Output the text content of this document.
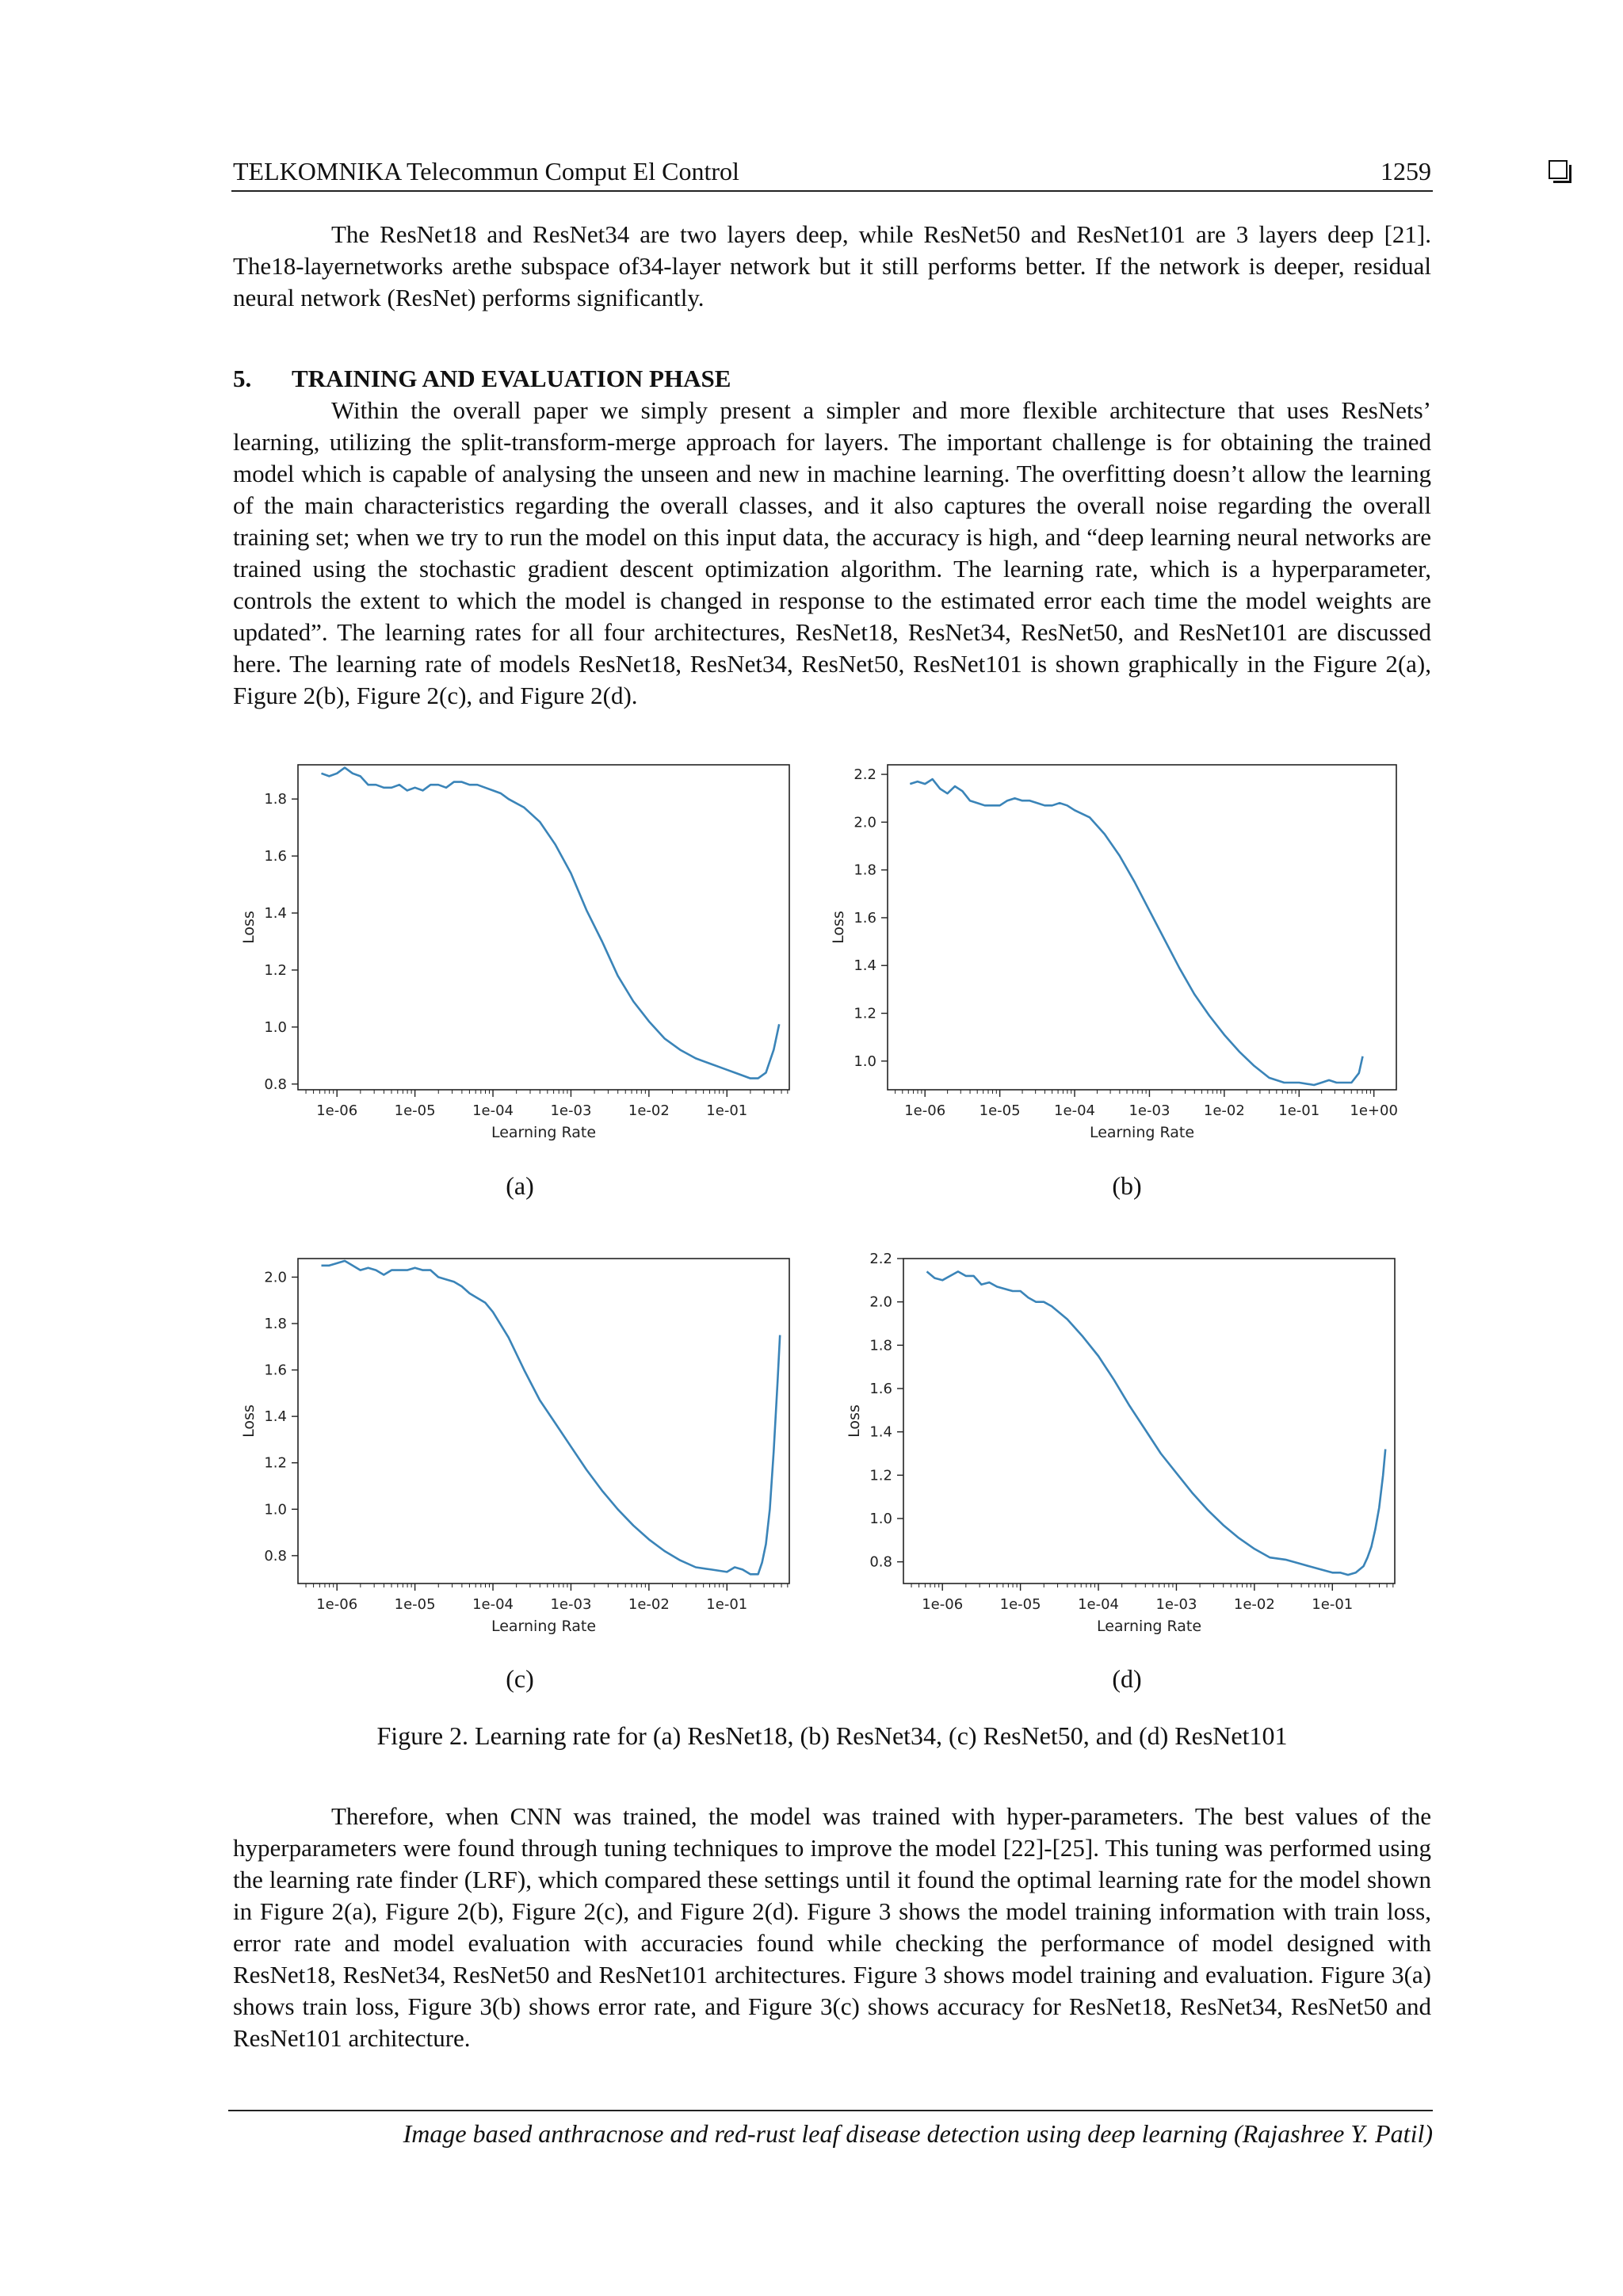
TELKOMNIKA Telecommun Comput El Control	1259

The ResNet18 and ResNet34 are two layers deep, while ResNet50 and ResNet101 are 3 layers deep [21]. The18-layernetworks arethe subspace of34-layer network but it still performs better. If the network is deeper, residual neural network (ResNet) performs significantly.

5. TRAINING AND EVALUATION PHASE

Within the overall paper we simply present a simpler and more flexible architecture that uses ResNets’ learning, utilizing the split-transform-merge approach for layers. The important challenge is for obtaining the trained model which is capable of analysing the unseen and new in machine learning. The overfitting doesn’t allow the learning of the main characteristics regarding the overall classes, and it also captures the overall noise regarding the overall training set; when we try to run the model on this input data, the accuracy is high, and “deep learning neural networks are trained using the stochastic gradient descent optimization algorithm. The learning rate, which is a hyperparameter, controls the extent to which the model is changed in response to the estimated error each time the model weights are updated”. The learning rates for all four architectures, ResNet18, ResNet34, ResNet50, and ResNet101 are discussed here. The learning rate of models ResNet18, ResNet34, ResNet50, ResNet101 is shown graphically in the Figure 2(a), Figure 2(b), Figure 2(c), and Figure 2(d).

1e-06	1e-05	1e-04	1e-03	1e-02	1e-01
0.8
1.0
1.2
1.4
1.6
1.8
Learning Rate
Loss
(a)
1e-06 1e-05 1e-04 1e-03 1e-02 1e-01 1e+00
1.0
1.2
1.4
1.6
1.8
2.0
2.2
Learning Rate
Loss
(b)
1e-06	1e-05	1e-04	1e-03	1e-02	1e-01
0.8
1.0
1.2
1.4
1.6
1.8
2.0
Learning Rate
Loss
(c)
1e-06	1e-05	1e-04	1e-03	1e-02	1e-01
0.8
1.0
1.2
1.4
1.6
1.8
2.0
2.2
Learning Rate
Loss
(d)
Figure 2. Learning rate for (a) ResNet18, (b) ResNet34, (c) ResNet50, and (d) ResNet101

Therefore, when CNN was trained, the model was trained with hyper-parameters. The best values of the hyperparameters were found through tuning techniques to improve the model [22]-[25]. This tuning was performed using the learning rate finder (LRF), which compared these settings until it found the optimal learning rate for the model shown in Figure 2(a), Figure 2(b), Figure 2(c), and Figure 2(d). Figure 3 shows the model training information with train loss, error rate and model evaluation with accuracies found while checking the performance of model designed with ResNet18, ResNet34, ResNet50 and ResNet101 architectures. Figure 3 shows model training and evaluation. Figure 3(a) shows train loss, Figure 3(b) shows error rate, and Figure 3(c) shows accuracy for ResNet18, ResNet34, ResNet50 and ResNet101 architecture.

Image based anthracnose and red-rust leaf disease detection using deep learning (Rajashree Y. Patil)
